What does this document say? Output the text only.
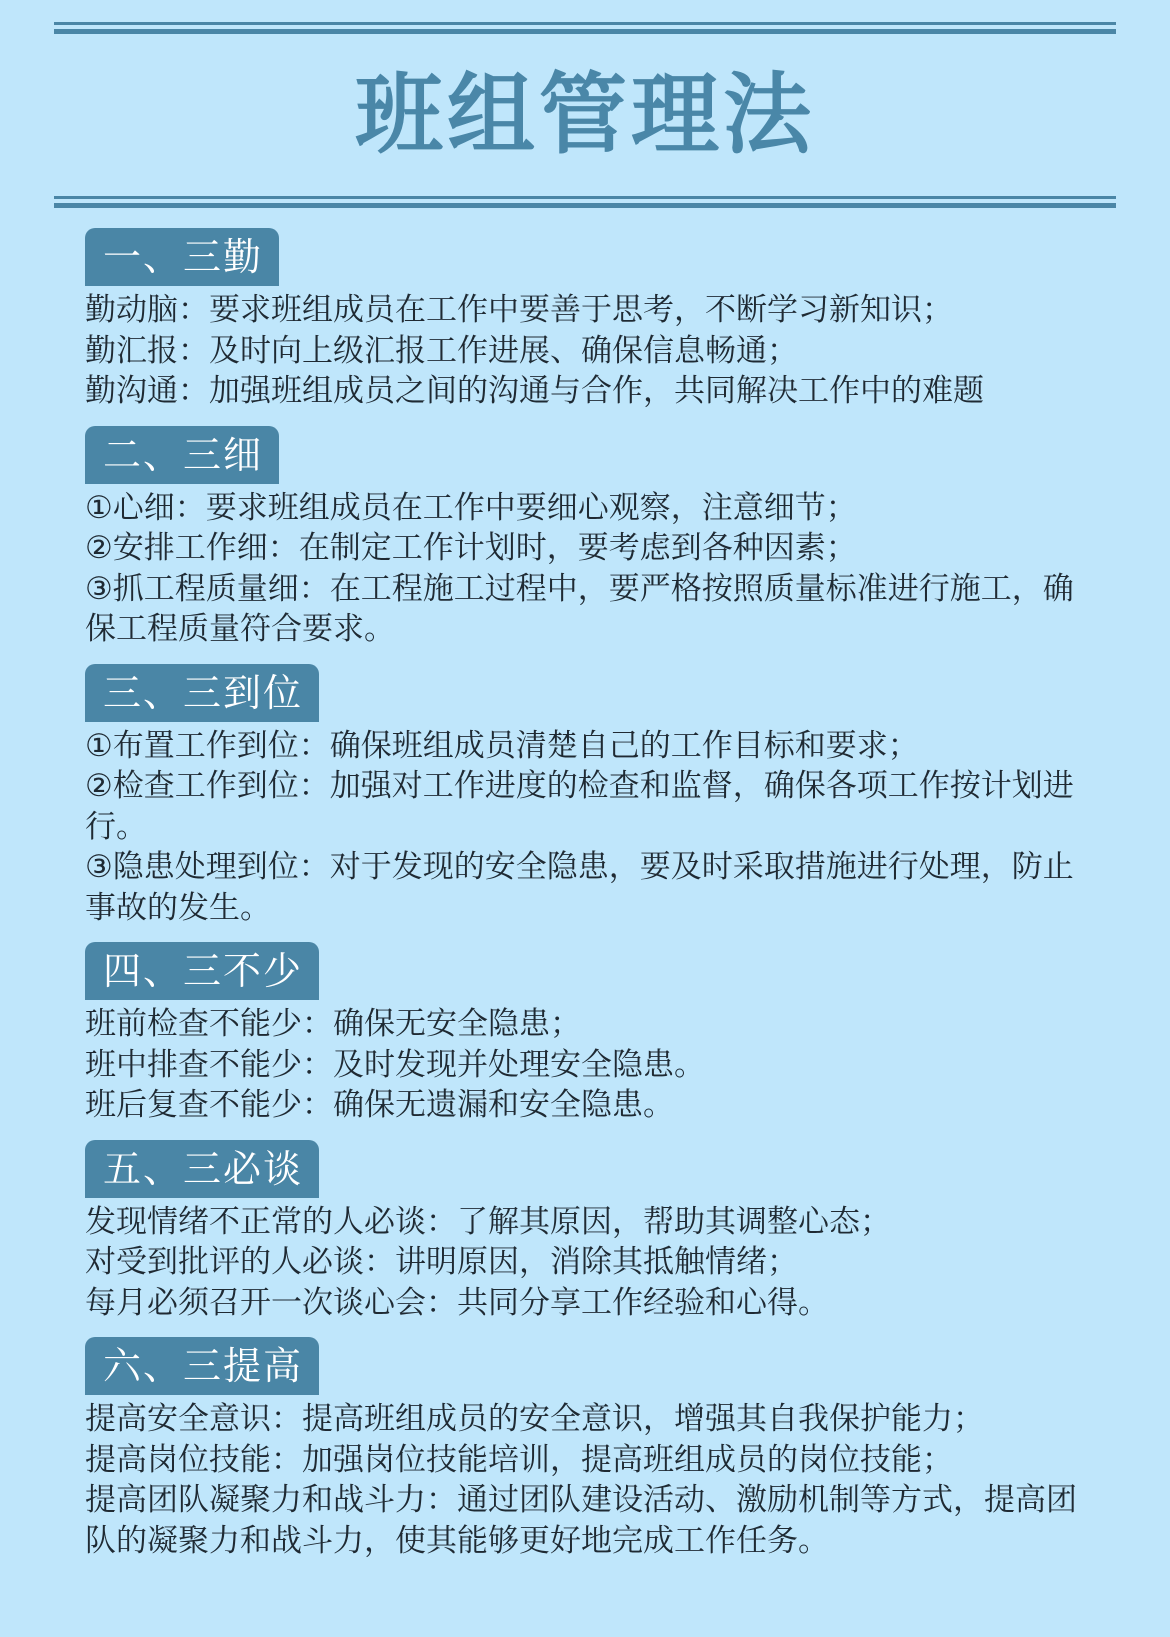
班组管理法
一、三勤
勤动脑：要求班组成员在工作中要善于思考，不断学习新知识；
勤汇报：及时向上级汇报工作进展、确保信息畅通；
勤沟通：加强班组成员之间的沟通与合作，共同解决工作中的难题
二、三细
①心细：要求班组成员在工作中要细心观察，注意细节；
②安排工作细：在制定工作计划时，要考虑到各种因素；
③抓工程质量细：在工程施工过程中，要严格按照质量标准进行施工，确保工程质量符合要求。
三、三到位
①布置工作到位：确保班组成员清楚自己的工作目标和要求；
②检查工作到位：加强对工作进度的检查和监督，确保各项工作按计划进行。
③隐患处理到位：对于发现的安全隐患，要及时采取措施进行处理，防止事故的发生。
四、三不少
班前检查不能少：确保无安全隐患；
班中排查不能少：及时发现并处理安全隐患。
班后复查不能少：确保无遗漏和安全隐患。
五、三必谈
发现情绪不正常的人必谈：了解其原因，帮助其调整心态；
对受到批评的人必谈：讲明原因，消除其抵触情绪；
每月必须召开一次谈心会：共同分享工作经验和心得。
六、三提高
提高安全意识：提高班组成员的安全意识，增强其自我保护能力；
提高岗位技能：加强岗位技能培训，提高班组成员的岗位技能；
提高团队凝聚力和战斗力：通过团队建设活动、激励机制等方式，提高团队的凝聚力和战斗力，使其能够更好地完成工作任务。
